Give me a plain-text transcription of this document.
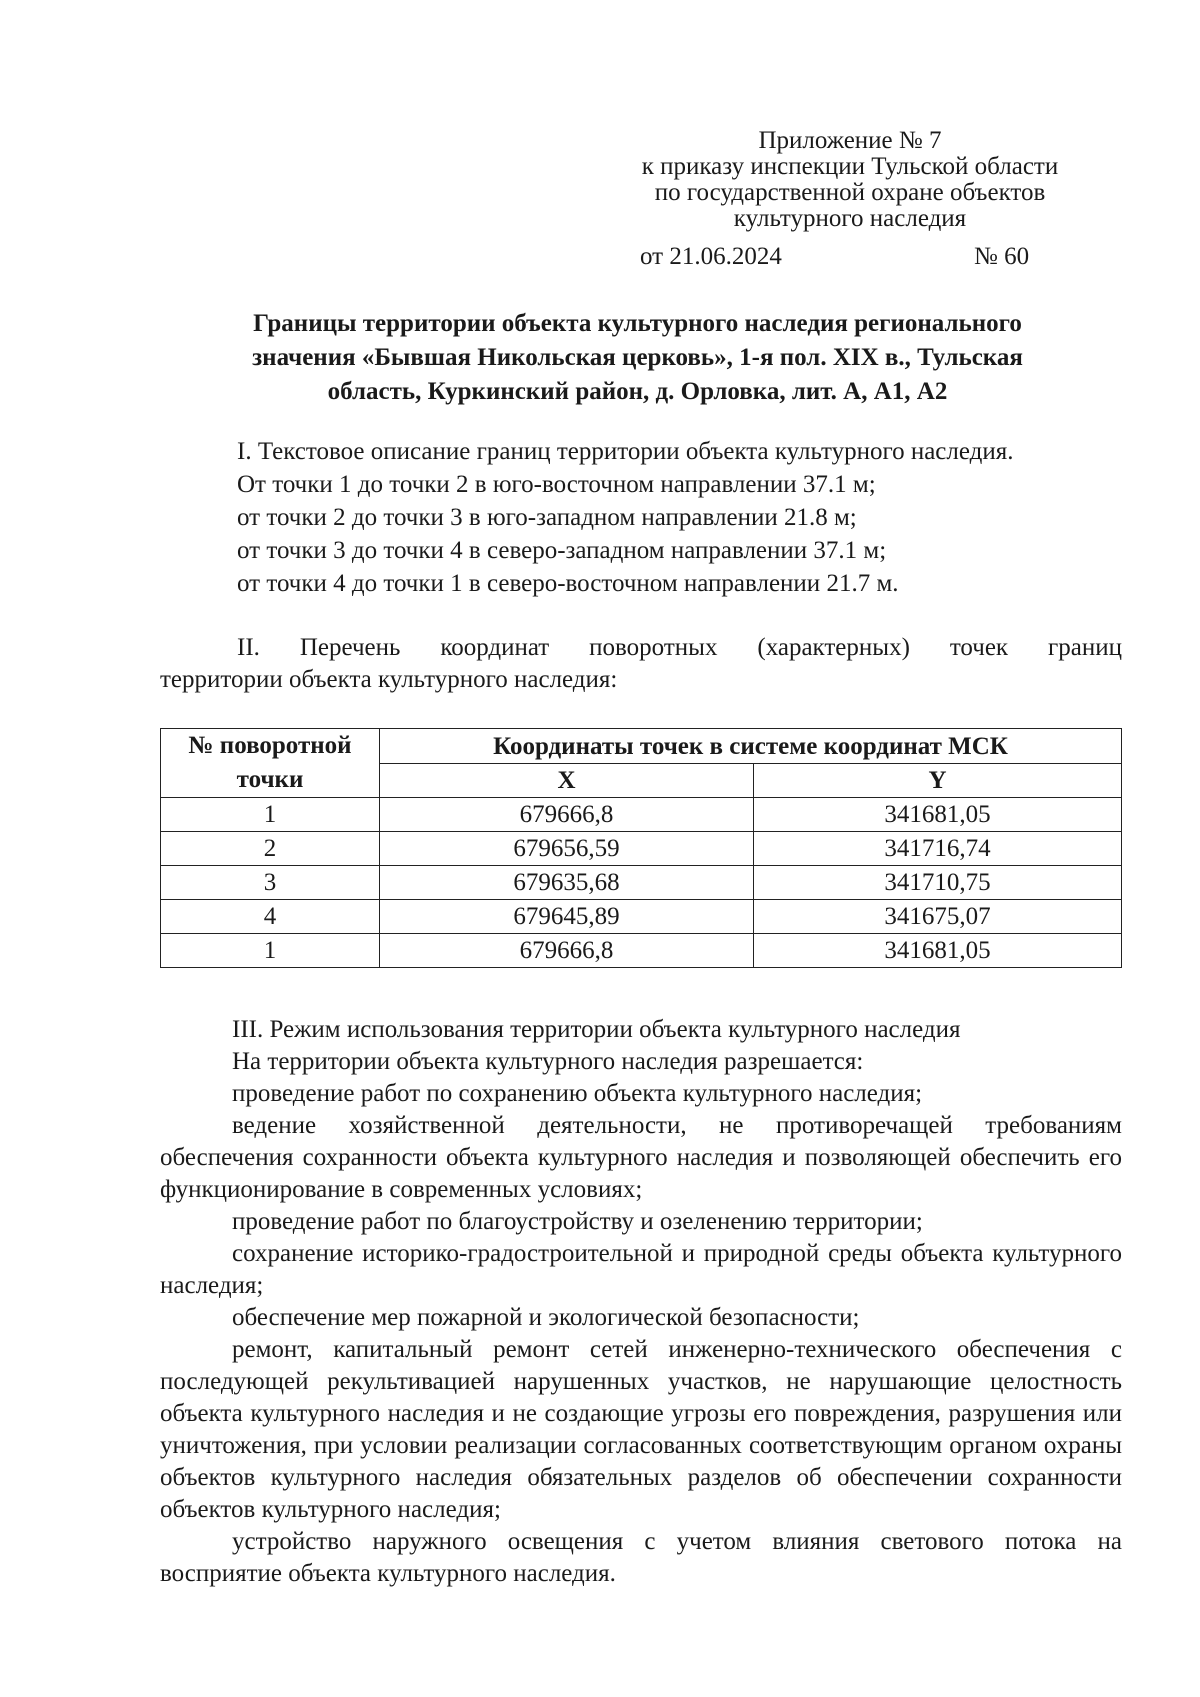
Приложение № 7
к приказу инспекции Тульской области
по государственной охране объектов
культурного наследия
от 21.06.2024	№ 60
Границы территории объекта культурного наследия регионального
значения «Бывшая Никольская церковь», 1-я пол. XIX в., Тульская
область, Куркинский район, д. Орловка, лит. А, А1, А2
I. Текстовое описание границ территории объекта культурного наследия.
От точки 1 до точки 2 в юго-восточном направлении 37.1 м;
от точки 2 до точки 3 в юго-западном направлении 21.8 м;
от точки 3 до точки 4 в северо-западном направлении 37.1 м;
от точки 4 до точки 1 в северо-восточном направлении 21.7 м.
II. Перечень координат поворотных (характерных) точек границ
территории объекта культурного наследия:
№ поворотной точки	Координаты точек в системе координат МСК	
	X	Y
1	679666,8	341681,05
2	679656,59	341716,74
3	679635,68	341710,75
4	679645,89	341675,07
1	679666,8	341681,05

III. Режим использования территории объекта культурного наследия

На территории объекта культурного наследия разрешается:

проведение работ по сохранению объекта культурного наследия;

ведение хозяйственной деятельности, не противоречащей требованиям обеспечения сохранности объекта культурного наследия и позволяющей обеспечить его функционирование в современных условиях;

проведение работ по благоустройству и озеленению территории;

сохранение историко-градостроительной и природной среды объекта культурного наследия;

обеспечение мер пожарной и экологической безопасности;

ремонт, капитальный ремонт сетей инженерно-технического обеспечения с последующей рекультивацией нарушенных участков, не нарушающие целостность объекта культурного наследия и не создающие угрозы его повреждения, разрушения или уничтожения, при условии реализации согласованных соответствующим органом охраны объектов культурного наследия обязательных разделов об обеспечении сохранности объектов культурного наследия;

устройство наружного освещения с учетом влияния светового потока на восприятие объекта культурного наследия.
